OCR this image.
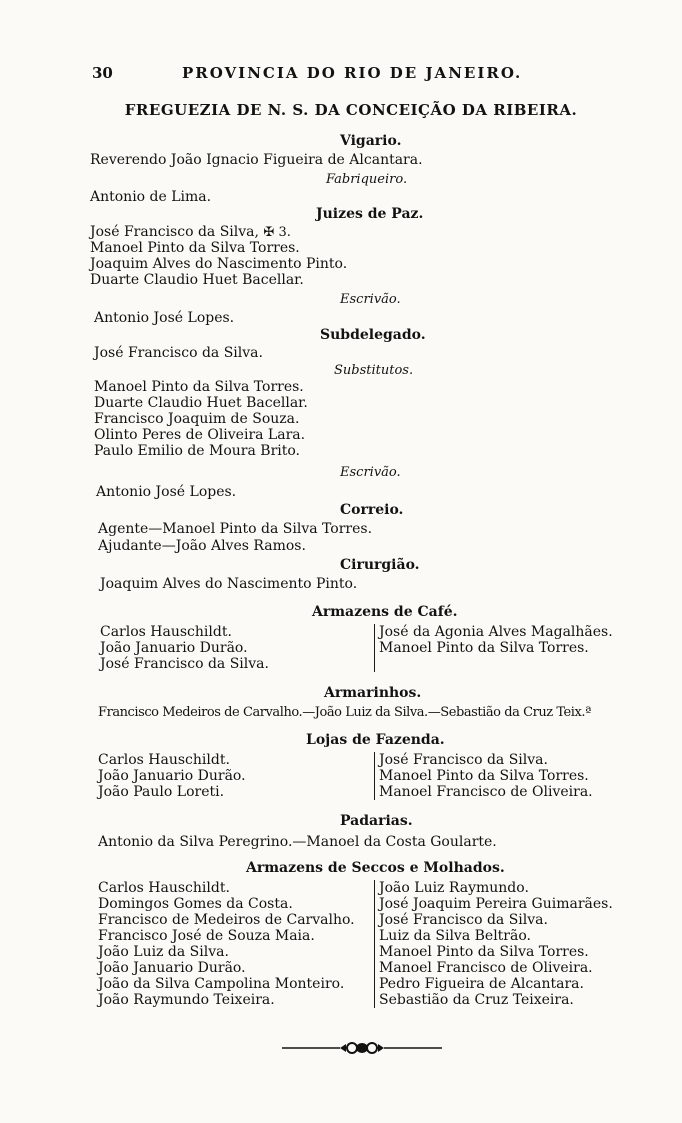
30	PROVINCIA DO RIO DE JANEIRO.
FREGUEZIA DE N. S. DA CONCEIÇÃO DA RIBEIRA.
Vigario.
Reverendo João Ignacio Figueira de Alcantara.
Fabriqueiro.
Antonio de Lima.
Juizes de Paz.
José Francisco da Silva, ✠ 3.
Manoel Pinto da Silva Torres.
Joaquim Alves do Nascimento Pinto.
Duarte Claudio Huet Bacellar.
Escrivão.
Antonio José Lopes.
Subdelegado.
José Francisco da Silva.
Substitutos.
Manoel Pinto da Silva Torres.
Duarte Claudio Huet Bacellar.
Francisco Joaquim de Souza.
Olinto Peres de Oliveira Lara.
Paulo Emilio de Moura Brito.
Escrivão.
Antonio José Lopes.
Correio.
Agente—Manoel Pinto da Silva Torres.
Ajudante—João Alves Ramos.
Cirurgião.
Joaquim Alves do Nascimento Pinto.
Armazens de Café.
Carlos Hauschildt.
João Januario Durão.
José Francisco da Silva.
José da Agonia Alves Magalhães.
Manoel Pinto da Silva Torres.
Armarinhos.
Francisco Medeiros de Carvalho.—João Luiz da Silva.—Sebastião da Cruz Teix.ª
Lojas de Fazenda.
Carlos Hauschildt.
João Januario Durão.
João Paulo Loreti.
José Francisco da Silva.
Manoel Pinto da Silva Torres.
Manoel Francisco de Oliveira.
Padarias.
Antonio da Silva Peregrino.—Manoel da Costa Goularte.
Armazens de Seccos e Molhados.
Carlos Hauschildt.
Domingos Gomes da Costa.
Francisco de Medeiros de Carvalho.
Francisco José de Souza Maia.
João Luiz da Silva.
João Januario Durão.
João da Silva Campolina Monteiro.
João Raymundo Teixeira.
João Luiz Raymundo.
José Joaquim Pereira Guimarães.
José Francisco da Silva.
Luiz da Silva Beltrão.
Manoel Pinto da Silva Torres.
Manoel Francisco de Oliveira.
Pedro Figueira de Alcantara.
Sebastião da Cruz Teixeira.
